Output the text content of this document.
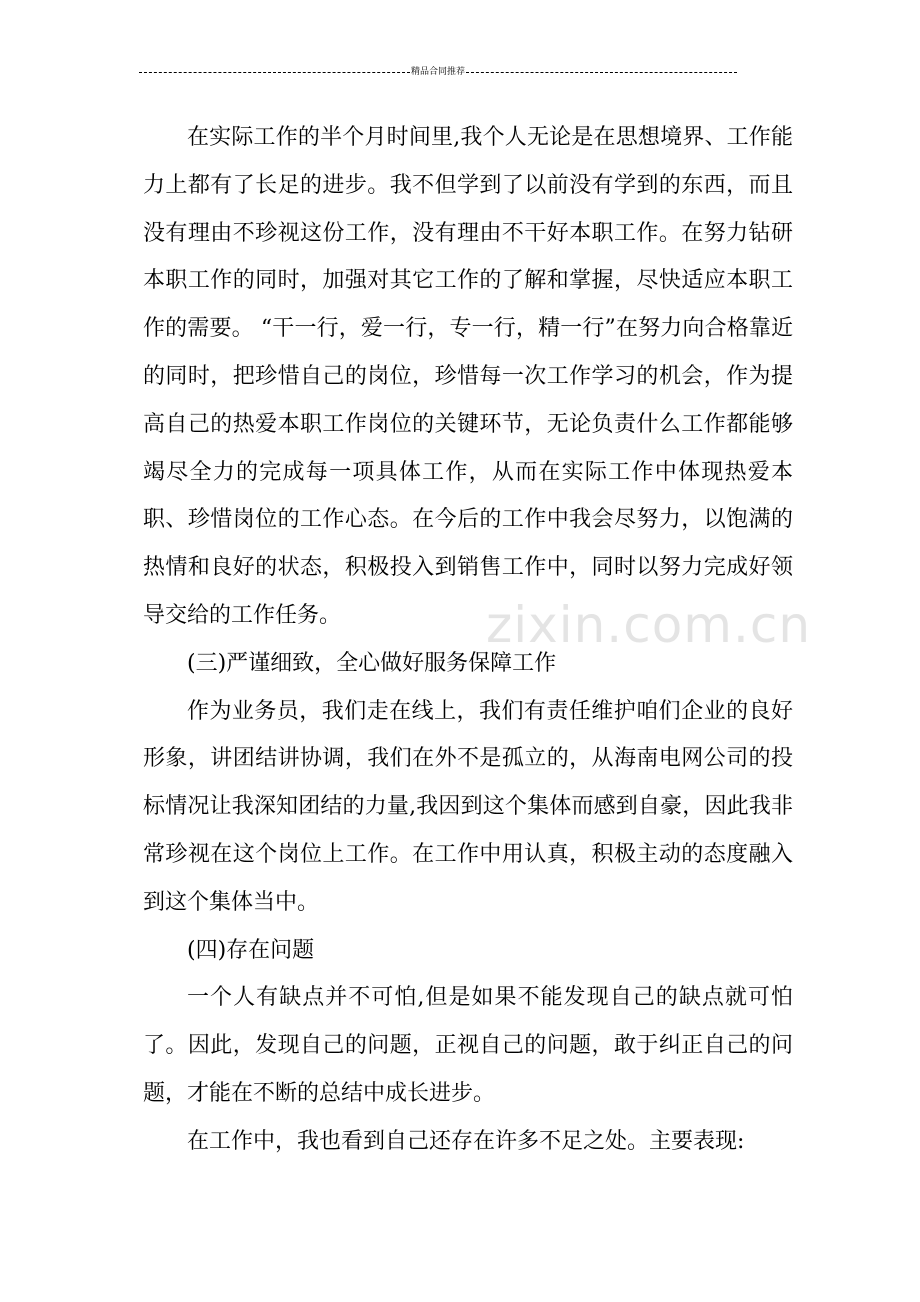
精品合同推荐

在实际工作的半个月时间里,我个人无论是在思想境界、工作能力上都有了长足的进步。我不但学到了以前没有学到的东西，而且没有理由不珍视这份工作，没有理由不干好本职工作。在努力钻研本职工作的同时，加强对其它工作的了解和掌握，尽快适应本职工作的需要。 “干一行，爱一行，专一行，精一行”在努力向合格靠近的同时，把珍惜自己的岗位，珍惜每一次工作学习的机会，作为提高自己的热爱本职工作岗位的关键环节，无论负责什么工作都能够竭尽全力的完成每一项具体工作，从而在实际工作中体现热爱本职、珍惜岗位的工作心态。在今后的工作中我会尽努力，以饱满的热情和良好的状态，积极投入到销售工作中，同时以努力完成好领导交给的工作任务。

(三)严谨细致，全心做好服务保障工作

作为业务员，我们走在线上，我们有责任维护咱们企业的良好形象，讲团结讲协调，我们在外不是孤立的，从海南电网公司的投标情况让我深知团结的力量,我因到这个集体而感到自豪，因此我非常珍视在这个岗位上工作。在工作中用认真，积极主动的态度融入到这个集体当中。

(四)存在问题

一个人有缺点并不可怕,但是如果不能发现自己的缺点就可怕了。因此，发现自己的问题，正视自己的问题，敢于纠正自己的问题，才能在不断的总结中成长进步。

在工作中，我也看到自己还存在许多不足之处。主要表现:

zixin.com.cn
